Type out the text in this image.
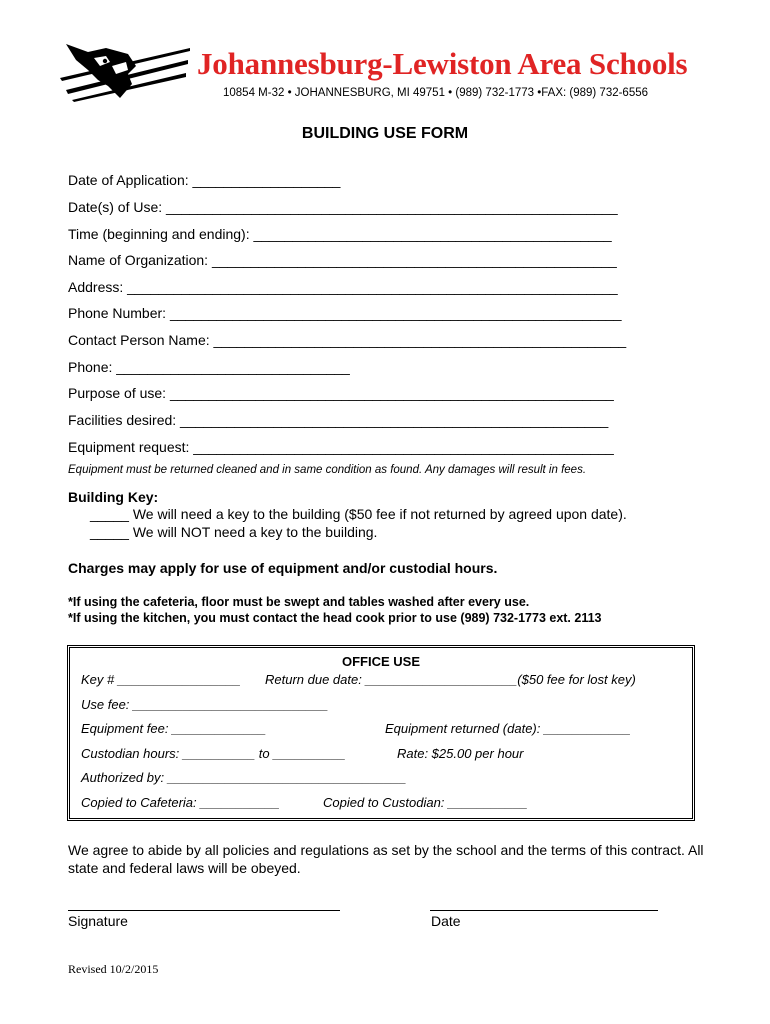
Johannesburg-Lewiston Area Schools
10854 M-32 • JOHANNESBURG, MI 49751 • (989) 732-1773 •FAX: (989) 732-6556
BUILDING USE FORM
Date of Application: ___________________
Date(s) of Use: __________________________________________________________
Time (beginning and ending): ______________________________________________
Name of Organization: ____________________________________________________
Address: _______________________________________________________________
Phone Number: __________________________________________________________
Contact Person Name: _____________________________________________________
Phone: ______________________________
Purpose of use: _________________________________________________________
Facilities desired: _______________________________________________________
Equipment request: ______________________________________________________
Equipment must be returned cleaned and in same condition as found. Any damages will result in fees.
Building Key:
_____ We will need a key to the building ($50 fee if not returned by agreed upon date).
_____ We will NOT need a key to the building.
Charges may apply for use of equipment and/or custodial hours.
*If using the cafeteria, floor must be swept and tables washed after every use.
*If using the kitchen, you must contact the head cook prior to use (989) 732-1773 ext. 2113
OFFICE USE
Key # _________________ Return due date: _____________________($50 fee for lost key)
Use fee: ___________________________
Equipment fee: _____________	Equipment returned (date): ____________
Custodian hours: __________ to __________	Rate: $25.00 per hour
Authorized by: _________________________________
Copied to Cafeteria: ___________	Copied to Custodian: ___________
We agree to abide by all policies and regulations as set by the school and the terms of this contract. All state and federal laws will be obeyed.
Signature	Date
Revised 10/2/2015
